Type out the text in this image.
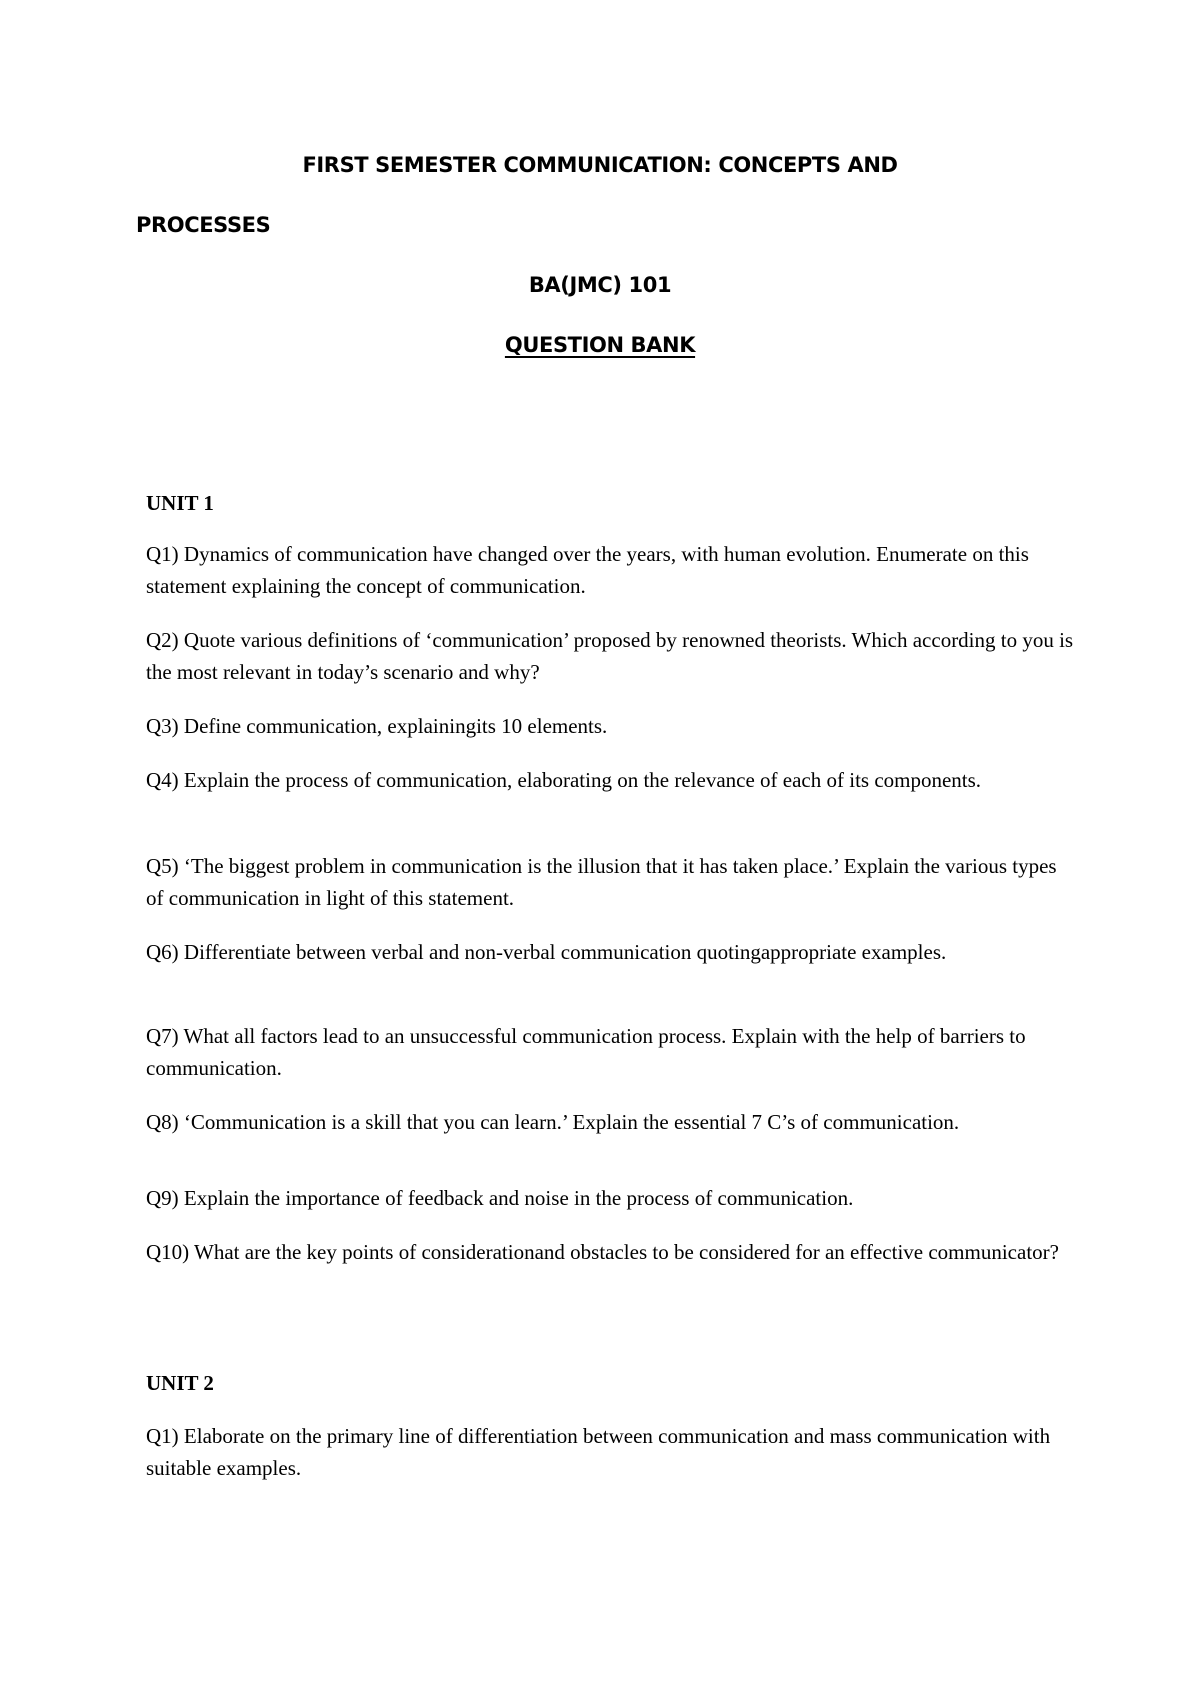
FIRST SEMESTER COMMUNICATION: CONCEPTS AND
PROCESSES
BA(JMC) 101
QUESTION BANK
UNIT 1

Q1) Dynamics of communication have changed over the years, with human evolution. Enumerate on this statement explaining the concept of communication.

Q2) Quote various definitions of ‘communication’ proposed by renowned theorists. Which according to you is the most relevant in today’s scenario and why?

Q3) Define communication, explainingits 10 elements.

Q4) Explain the process of communication, elaborating on the relevance of each of its components.

Q5) ‘The biggest problem in communication is the illusion that it has taken place.’ Explain the various types of communication in light of this statement.

Q6) Differentiate between verbal and non-verbal communication quotingappropriate examples.

Q7) What all factors lead to an unsuccessful communication process. Explain with the help of barriers to communication.

Q8) ‘Communication is a skill that you can learn.’ Explain the essential 7 C’s of communication.

Q9) Explain the importance of feedback and noise in the process of communication.

Q10) What are the key points of considerationand obstacles to be considered for an effective communicator?

UNIT 2

Q1) Elaborate on the primary line of differentiation between communication and mass communication with suitable examples.
